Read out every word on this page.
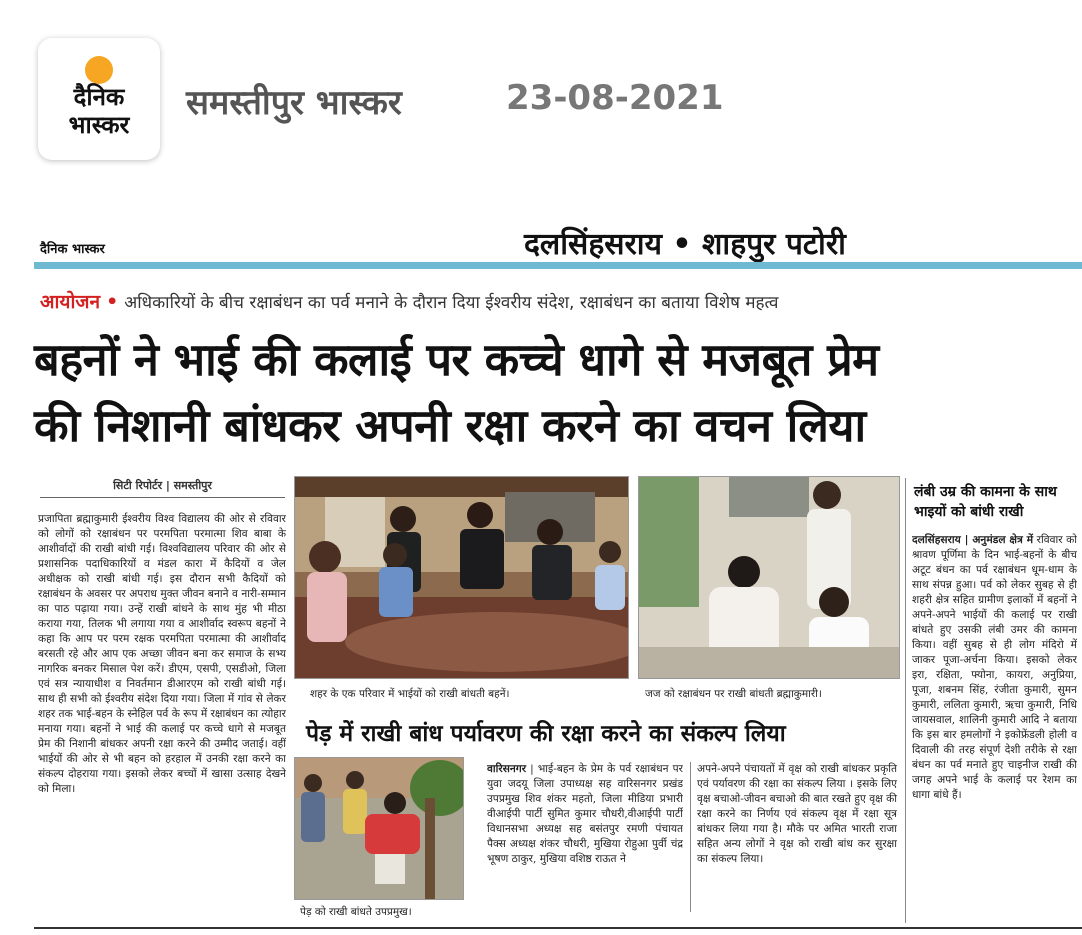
दैनिक
भास्कर
समस्तीपुर भास्कर	23-08-2021
दैनिक भास्कर	दलसिंहसराय • शाहपुर पटोरी
आयोजन • अधिकारियों के बीच रक्षाबंधन का पर्व मनाने के दौरान दिया ईश्वरीय संदेश, रक्षाबंधन का बताया विशेष महत्व
बहनों ने भाई की कलाई पर कच्चे धागे से मजबूत प्रेम
की निशानी बांधकर अपनी रक्षा करने का वचन लिया
सिटी रिपोर्टर | समस्तीपुर
प्रजापिता ब्रह्माकुमारी ईश्वरीय विश्व विद्यालय की ओर से रविवार को लोगों को रक्षाबंधन पर परमपिता परमात्मा शिव बाबा के आशीर्वादों की राखी बांधी गई। विश्वविद्यालय परिवार की ओर से प्रशासनिक पदाधिकारियों व मंडल कारा में कैदियों व जेल अधीक्षक को राखी बांधी गई। इस दौरान सभी कैदियों को रक्षाबंधन के अवसर पर अपराध मुक्त जीवन बनाने व नारी-सम्मान का पाठ पढ़ाया गया। उन्हें राखी बांधने के साथ मुंह भी मीठा कराया गया, तिलक भी लगाया गया व आशीर्वाद स्वरूप बहनों ने कहा कि आप पर परम रक्षक परमपिता परमात्मा की आशीर्वाद बरसती रहे और आप एक अच्छा जीवन बना कर समाज के सभ्य नागरिक बनकर मिसाल पेश करें। डीएम, एसपी, एसडीओ, जिला एवं सत्र न्यायाधीश व निवर्तमान डीआरएम को राखी बांधी गई। साथ ही सभी को ईश्वरीय संदेश दिया गया। जिला में गांव से लेकर शहर तक भाई-बहन के स्नेहिल पर्व के रूप में रक्षाबंधन का त्योहार मनाया गया। बहनों ने भाई की कलाई पर कच्चे धागे से मजबूत प्रेम की निशानी बांधकर अपनी रक्षा करने की उम्मीद जताई। वहीं भाईयों की ओर से भी बहन को हरहाल में उनकी रक्षा करने का संकल्प दोहराया गया। इसको लेकर बच्चों में खासा उत्साह देखने को मिला।
शहर के एक परिवार में भाईयों को राखी बांधती बहनें।	जज को रक्षाबंधन पर राखी बांधती ब्रह्माकुमारी।
पेड़ को राखी बांधते उपप्रमुख।
पेड़ में राखी बांध पर्यावरण की रक्षा करने का संकल्प लिया
वारिसनगर | भाई-बहन के प्रेम के पर्व रक्षाबंधन पर युवा जदयू जिला उपाध्यक्ष सह वारिसनगर प्रखंड उपप्रमुख शिव शंकर महतो, जिला मीडिया प्रभारी वीआईपी पार्टी सुमित कुमार चौधरी,वीआईपी पार्टी विधानसभा अध्यक्ष सह बसंतपुर रमणी पंचायत पैक्स अध्यक्ष शंकर चौधरी, मुखिया रोहुआ पुर्वी चंद्र भूषण ठाकुर, मुखिया वशिष्ठ राऊत ने
अपने-अपने पंचायतों में वृक्ष को राखी बांधकर प्रकृति एवं पर्यावरण की रक्षा का संकल्प लिया । इसके लिए वृक्ष बचाओ-जीवन बचाओ की बात रखते हुए वृक्ष की रक्षा करने का निर्णय एवं संकल्प वृक्ष में रक्षा सूत्र बांधकर लिया गया है। मौके पर अमित भारती राजा सहित अन्य लोगों ने वृक्ष को राखी बांध कर सुरक्षा का संकल्प लिया।
लंबी उम्र की कामना के साथ भाइयों को बांधी राखी
दलसिंहसराय | अनुमंडल क्षेत्र में रविवार को श्रावण पूर्णिमा के दिन भाई-बहनों के बीच अटूट बंधन का पर्व रक्षाबंधन धूम-धाम के साथ संपन्न हुआ। पर्व को लेकर सुबह से ही शहरी क्षेत्र सहित ग्रामीण इलाकों में बहनों ने अपने-अपने भाईयों की कलाई पर राखी बांधते हुए उसकी लंबी उमर की कामना किया। वहीं सुबह से ही लोग मंदिरो में जाकर पूजा-अर्चना किया। इसको लेकर इरा, रक्षिता, फ्योना, कायरा, अनुप्रिया, पूजा, शबनम सिंह, रंजीता कुमारी, सुमन कुमारी, ललिता कुमारी, ऋचा कुमारी, निधि जायसवाल, शालिनी कुमारी आदि ने बताया कि इस बार हमलोगों ने इकोफ्रेंडली होली व दिवाली की तरह संपूर्ण देशी तरीके से रक्षा बंधन का पर्व मनाते हुए चाइनीज राखी की जगह अपने भाई के कलाई पर रेशम का धागा बांधे हैं।
